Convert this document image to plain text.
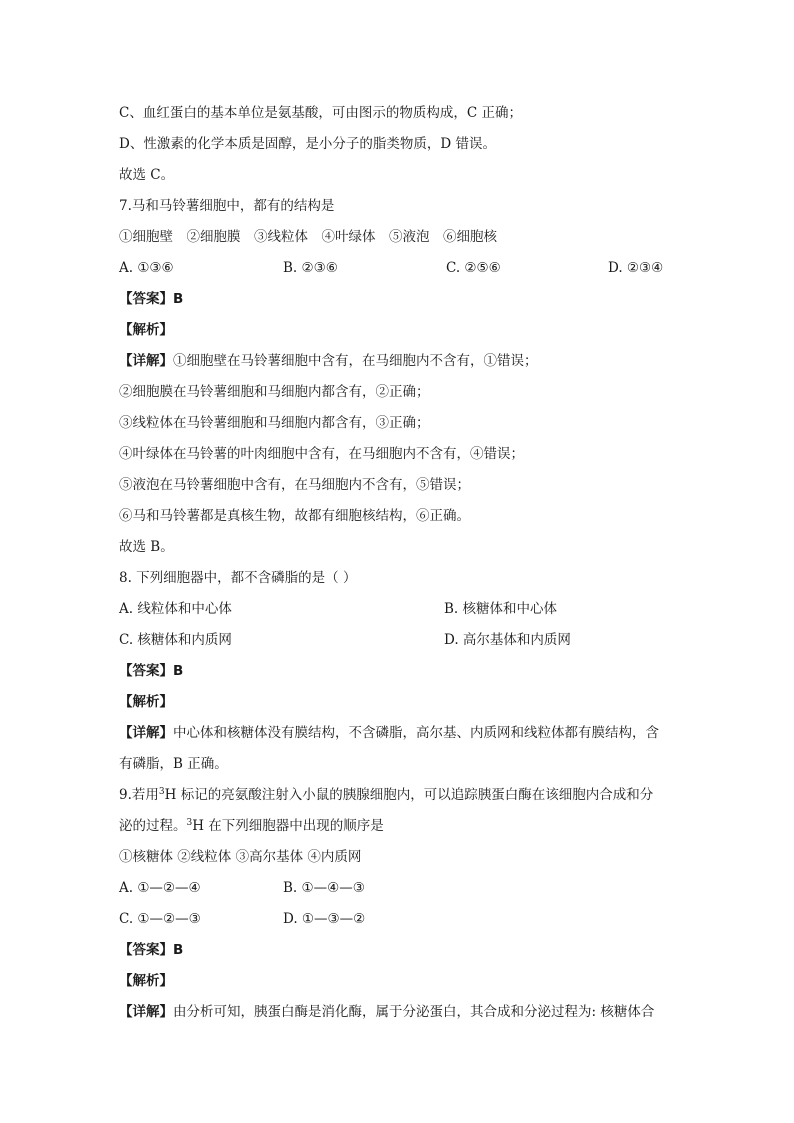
C、血红蛋白的基本单位是氨基酸，可由图示的物质构成，C 正确；
D、性激素的化学本质是固醇，是小分子的脂类物质，D 错误。
故选 C。
7.马和马铃薯细胞中，都有的结构是
①细胞壁　②细胞膜　③线粒体　④叶绿体　⑤液泡　⑥细胞核
A. ①③⑥	B. ②③⑥	C. ②⑤⑥	D. ②③④
【答案】B
【解析】
【详解】①细胞壁在马铃薯细胞中含有，在马细胞内不含有，①错误；
②细胞膜在马铃薯细胞和马细胞内都含有，②正确；
③线粒体在马铃薯细胞和马细胞内都含有，③正确；
④叶绿体在马铃薯的叶肉细胞中含有，在马细胞内不含有，④错误；
⑤液泡在马铃薯细胞中含有，在马细胞内不含有，⑤错误；
⑥马和马铃薯都是真核生物，故都有细胞核结构，⑥正确。
故选 B。
8. 下列细胞器中，都不含磷脂的是（ ）
A. 线粒体和中心体	B. 核糖体和中心体
C. 核糖体和内质网	D. 高尔基体和内质网
【答案】B
【解析】
【详解】中心体和核糖体没有膜结构，不含磷脂，高尔基、内质网和线粒体都有膜结构，含
有磷脂，B 正确。
9.若用$^3$H 标记的亮氨酸注射入小鼠的胰腺细胞内，可以追踪胰蛋白酶在该细胞内合成和分
泌的过程。$^3$H 在下列细胞器中出现的顺序是
①核糖体 ②线粒体 ③高尔基体 ④内质网
A. ①—②—④	B. ①—④—③
C. ①—②—③	D. ①—③—②
【答案】B
【解析】
【详解】由分析可知，胰蛋白酶是消化酶，属于分泌蛋白，其合成和分泌过程为: 核糖体合
